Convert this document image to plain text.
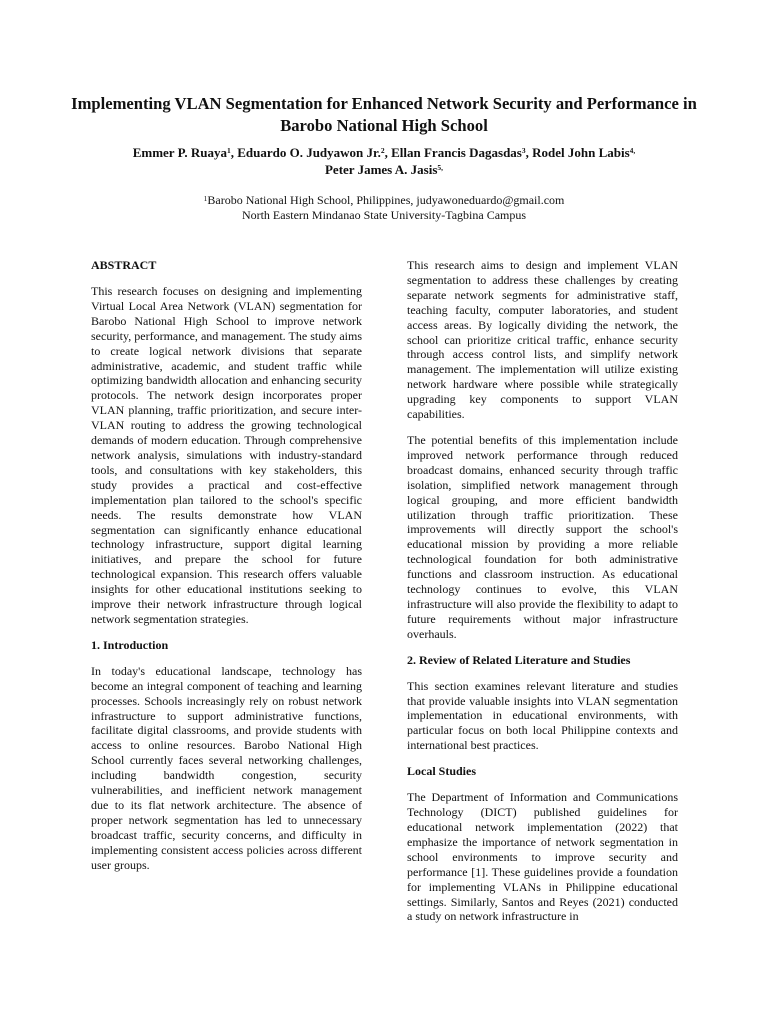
Implementing VLAN Segmentation for Enhanced Network Security and Performance in Barobo National High School
Emmer P. Ruaya$^1$, Eduardo O. Judyawon Jr.$^2$, Ellan Francis Dagasdas$^3$, Rodel John Labis$^{4,}$
Peter James A. Jasis$^{5,}$
$^1$Barobo National High School, Philippines, judyawoneduardo@gmail.com
North Eastern Mindanao State University-Tagbina Campus
ABSTRACT

This research focuses on designing and implementing Virtual Local Area Network (VLAN) segmentation for Barobo National High School to improve network security, performance, and management. The study aims to create logical network divisions that separate administrative, academic, and student traffic while optimizing bandwidth allocation and enhancing security protocols. The network design incorporates proper VLAN planning, traffic prioritization, and secure inter-VLAN routing to address the growing technological demands of modern education. Through comprehensive network analysis, simulations with industry-standard tools, and consultations with key stakeholders, this study provides a practical and cost-effective implementation plan tailored to the school's specific needs. The results demonstrate how VLAN segmentation can significantly enhance educational technology infrastructure, support digital learning initiatives, and prepare the school for future technological expansion. This research offers valuable insights for other educational institutions seeking to improve their network infrastructure through logical network segmentation strategies.

1. Introduction

In today's educational landscape, technology has become an integral component of teaching and learning processes. Schools increasingly rely on robust network infrastructure to support administrative functions, facilitate digital classrooms, and provide students with access to online resources. Barobo National High School currently faces several networking challenges, including bandwidth congestion, security vulnerabilities, and inefficient network management due to its flat network architecture. The absence of proper network segmentation has led to unnecessary broadcast traffic, security concerns, and difficulty in implementing consistent access policies across different user groups.

This research aims to design and implement VLAN segmentation to address these challenges by creating separate network segments for administrative staff, teaching faculty, computer laboratories, and student access areas. By logically dividing the network, the school can prioritize critical traffic, enhance security through access control lists, and simplify network management. The implementation will utilize existing network hardware where possible while strategically upgrading key components to support VLAN capabilities.

The potential benefits of this implementation include improved network performance through reduced broadcast domains, enhanced security through traffic isolation, simplified network management through logical grouping, and more efficient bandwidth utilization through traffic prioritization. These improvements will directly support the school's educational mission by providing a more reliable technological foundation for both administrative functions and classroom instruction. As educational technology continues to evolve, this VLAN infrastructure will also provide the flexibility to adapt to future requirements without major infrastructure overhauls.

2. Review of Related Literature and Studies

This section examines relevant literature and studies that provide valuable insights into VLAN segmentation implementation in educational environments, with particular focus on both local Philippine contexts and international best practices.

Local Studies

The Department of Information and Communications Technology (DICT) published guidelines for educational network implementation (2022) that emphasize the importance of network segmentation in school environments to improve security and performance [1]. These guidelines provide a foundation for implementing VLANs in Philippine educational settings. Similarly, Santos and Reyes (2021) conducted a study on network infrastructure in
